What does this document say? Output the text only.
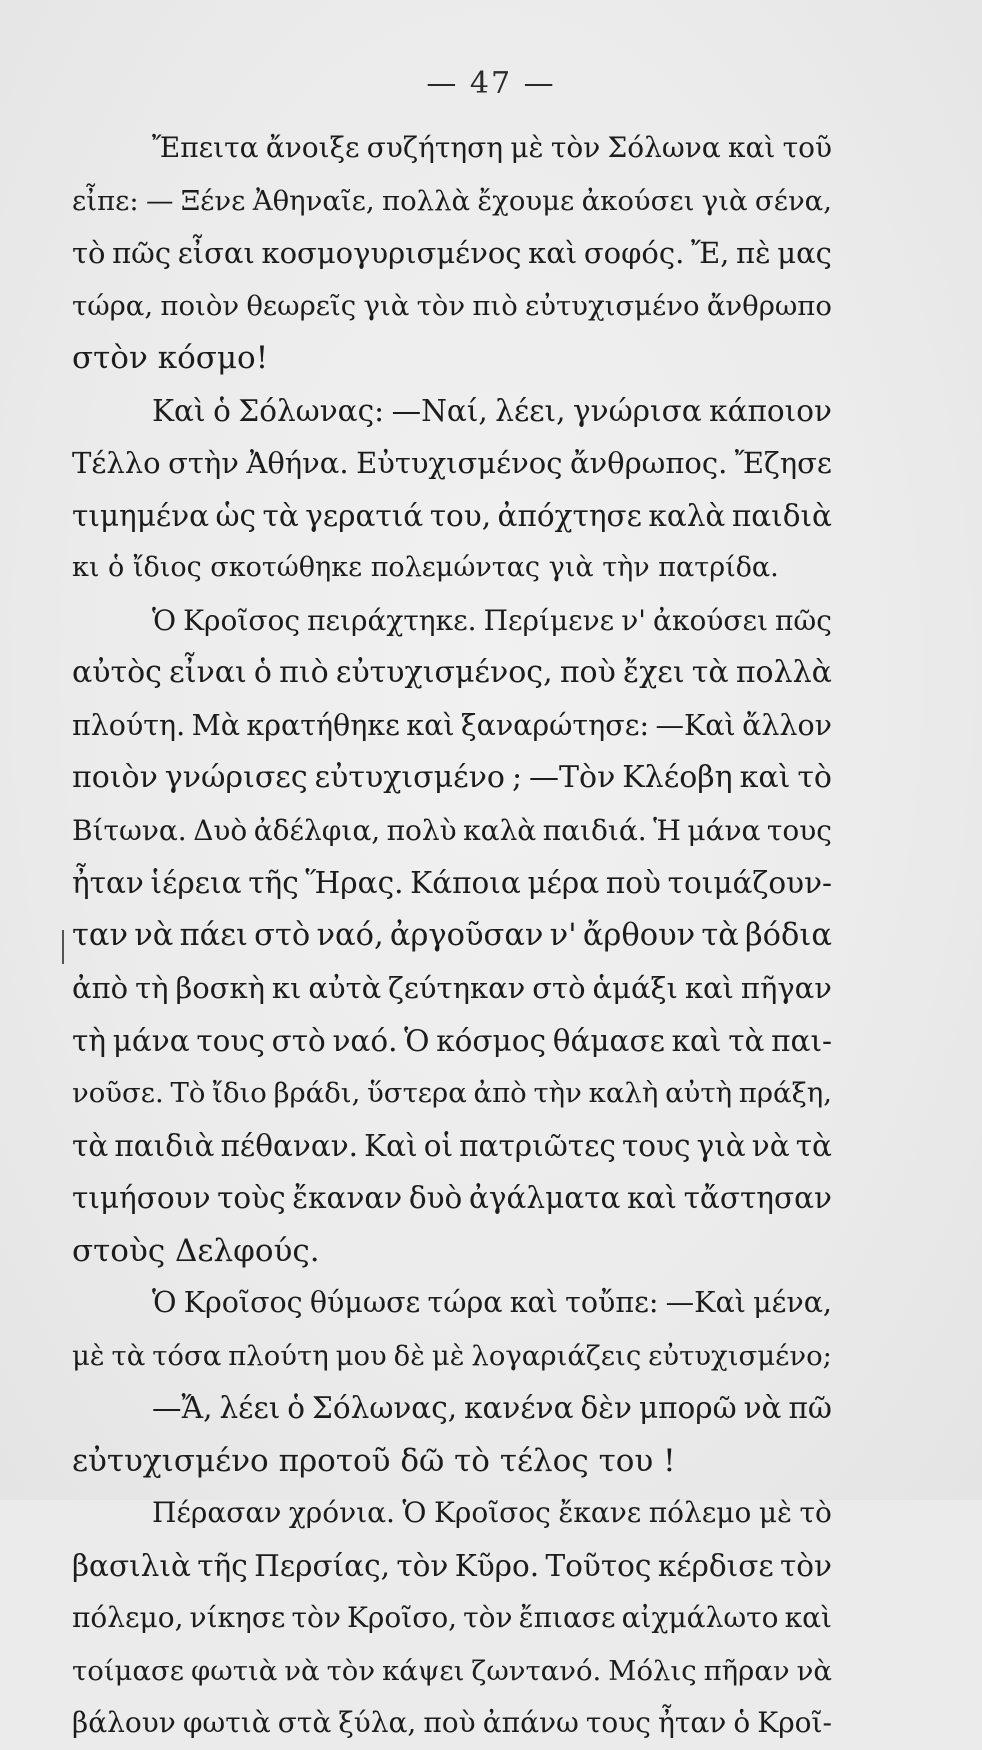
— 47 —
Ἔπειτα ἄνοιξε συζήτηση μὲ τὸν Σόλωνα καὶ τοῦ
εἶπε: — Ξένε Ἀθηναῖε, πολλὰ ἔχουμε ἀκούσει γιὰ σένα,
τὸ πῶς εἶσαι κοσμογυρισμένος καὶ σοφός. Ἔ, πὲ μας
τώρα, ποιὸν θεωρεῖς γιὰ τὸν πιὸ εὐτυχισμένο ἄνθρωπο
στὸν κόσμο!
Καὶ ὁ Σόλωνας: —Ναί, λέει, γνώρισα κάποιον
Τέλλο στὴν Ἀθήνα. Εὐτυχισμένος ἄνθρωπος. Ἔζησε
τιμημένα ὡς τὰ γερατιά του, ἀπόχτησε καλὰ παιδιὰ
κι ὁ ἴδιος σκοτώθηκε πολεμώντας γιὰ τὴν πατρίδα.
Ὁ Κροῖσος πειράχτηκε. Περίμενε ν' ἀκούσει πῶς
αὐτὸς εἶναι ὁ πιὸ εὐτυχισμένος, ποὺ ἔχει τὰ πολλὰ
πλούτη. Μὰ κρατήθηκε καὶ ξαναρώτησε: —Καὶ ἄλλον
ποιὸν γνώρισες εὐτυχισμένο ; —Τὸν Κλέοβη καὶ τὸ
Βίτωνα. Δυὸ ἀδέλφια, πολὺ καλὰ παιδιά. Ἡ μάνα τους
ἦταν ἱέρεια τῆς Ἥρας. Κάποια μέρα ποὺ τοιμάζουν-
ταν νὰ πάει στὸ ναό, ἀργοῦσαν ν' ἄρθουν τὰ βόδια
ἀπὸ τὴ βοσκὴ κι αὐτὰ ζεύτηκαν στὸ ἁμάξι καὶ πῆγαν
τὴ μάνα τους στὸ ναό. Ὁ κόσμος θάμασε καὶ τὰ παι-
νοῦσε. Τὸ ἴδιο βράδι, ὕστερα ἀπὸ τὴν καλὴ αὐτὴ πράξη,
τὰ παιδιὰ πέθαναν. Καὶ οἱ πατριῶτες τους γιὰ νὰ τὰ
τιμήσουν τοὺς ἔκαναν δυὸ ἀγάλματα καὶ τἄστησαν
στοὺς Δελφούς.
Ὁ Κροῖσος θύμωσε τώρα καὶ τοὔπε: —Καὶ μένα,
μὲ τὰ τόσα πλούτη μου δὲ μὲ λογαριάζεις εὐτυχισμένο;
—Ἄ, λέει ὁ Σόλωνας, κανένα δὲν μπορῶ νὰ πῶ
εὐτυχισμένο προτοῦ δῶ τὸ τέλος του !
Πέρασαν χρόνια. Ὁ Κροῖσος ἔκανε πόλεμο μὲ τὸ
βασιλιὰ τῆς Περσίας, τὸν Κῦρο. Τοῦτος κέρδισε τὸν
πόλεμο, νίκησε τὸν Κροῖσο, τὸν ἔπιασε αἰχμάλωτο καὶ
τοίμασε φωτιὰ νὰ τὸν κάψει ζωντανό. Μόλις πῆραν νὰ
βάλουν φωτιὰ στὰ ξύλα, ποὺ ἀπάνω τους ἦταν ὁ Κροῖ-
